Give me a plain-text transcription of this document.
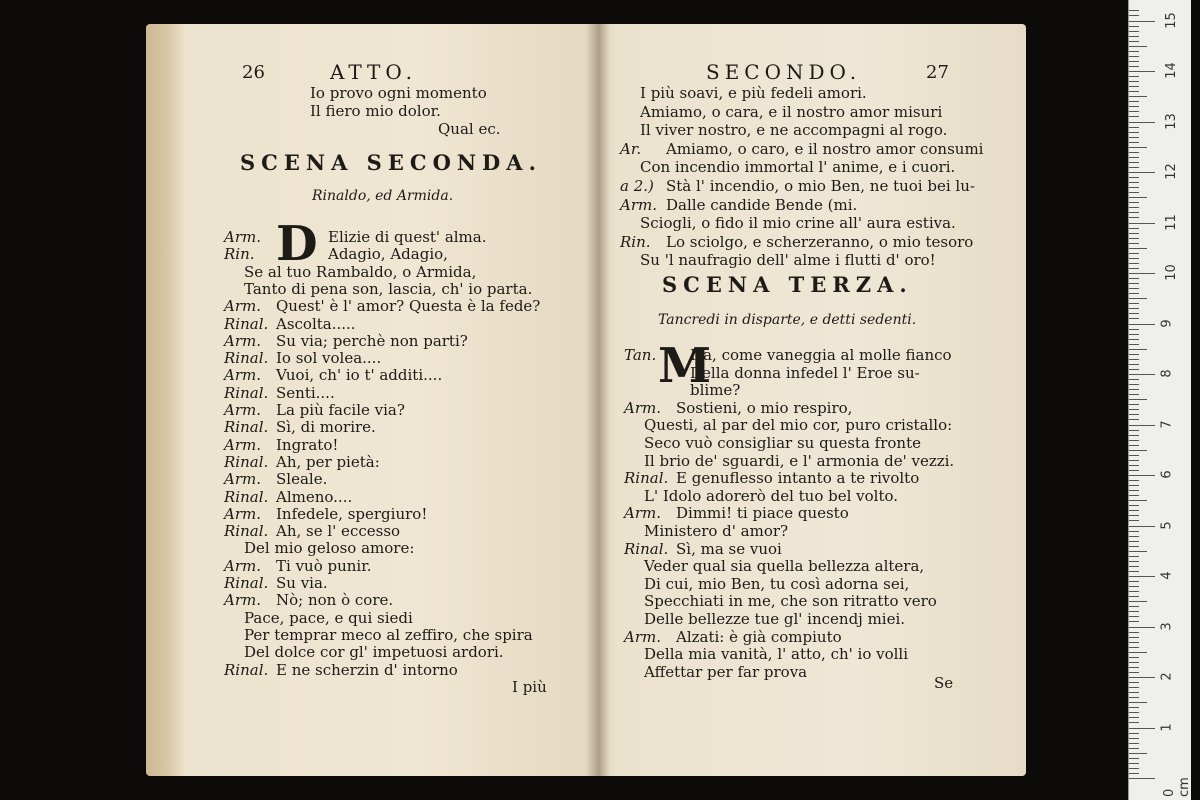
26	ATTO.
Io provo ogni momento
Il fiero mio dolor.
Qual ec.
SCENA SECONDA.
Rinaldo, ed Armida.
D
Arm.	Elizie di quest' alma.
Rin.	Adagio, Adagio,
Se al tuo Rambaldo, o Armida,
Tanto di pena son, lascia, ch' io parta.
Arm. Quest' è l' amor? Questa è la fede?
Rinal. Ascolta.....
Arm. Su via; perchè non parti?
Rinal. Io sol volea....
Arm. Vuoi, ch' io t' additi....
Rinal. Senti....
Arm. La più facile via?
Rinal. Sì, di morire.
Arm. Ingrato!
Rinal. Ah, per pietà:
Arm. Sleale.
Rinal. Almeno....
Arm. Infedele, spergiuro!
Rinal. Ah, se l' eccesso
Del mio geloso amore:
Arm. Ti vuò punir.
Rinal. Su via.
Arm. Nò; non ò core.
Pace, pace, e qui siedi
Per temprar meco al zeffiro, che spira
Del dolce cor gl' impetuosi ardori.
Rinal. E ne scherzin d' intorno
I più
SECONDO.	27
I più soavi, e più fedeli amori.
Amiamo, o cara, e il nostro amor misuri
Il viver nostro, e ne accompagni al rogo.
Ar. Amiamo, o caro, e il nostro amor consumi
Con incendio immortal l' anime, e i cuori.
a 2.) Stà l' incendio, o mio Ben, ne tuoi bei lu-
Arm. Dalle candide Bende (mi.
Sciogli, o fido il mio crine all' aura estiva.
Rin. Lo sciolgo, e scherzeranno, o mio tesoro
Su 'l naufragio dell' alme i flutti d' oro!
SCENA TERZA.
Tancredi in disparte, e detti sedenti.
M
Tan. Ira, come vaneggia al molle fianco
Della donna infedel l' Eroe su-
blime?
Arm. Sostieni, o mio respiro,
Questi, al par del mio cor, puro cristallo:
Seco vuò consigliar su questa fronte
Il brio de' sguardi, e l' armonia de' vezzi.
Rinal. E genuflesso intanto a te rivolto
L' Idolo adorerò del tuo bel volto.
Arm. Dimmi! ti piace questo
Ministero d' amor?
Rinal. Sì, ma se vuoi
Veder qual sia quella bellezza altera,
Di cui, mio Ben, tu così adorna sei,
Specchiati in me, che son ritratto vero
Delle bellezze tue gl' incendj miei.
Arm. Alzati: è già compiuto
Della mia vanità, l' atto, ch' io volli
Affettar per far prova
Se
0 cm
1
2
3
4
5
6
7
8
9
10
11
12
13
14
15
